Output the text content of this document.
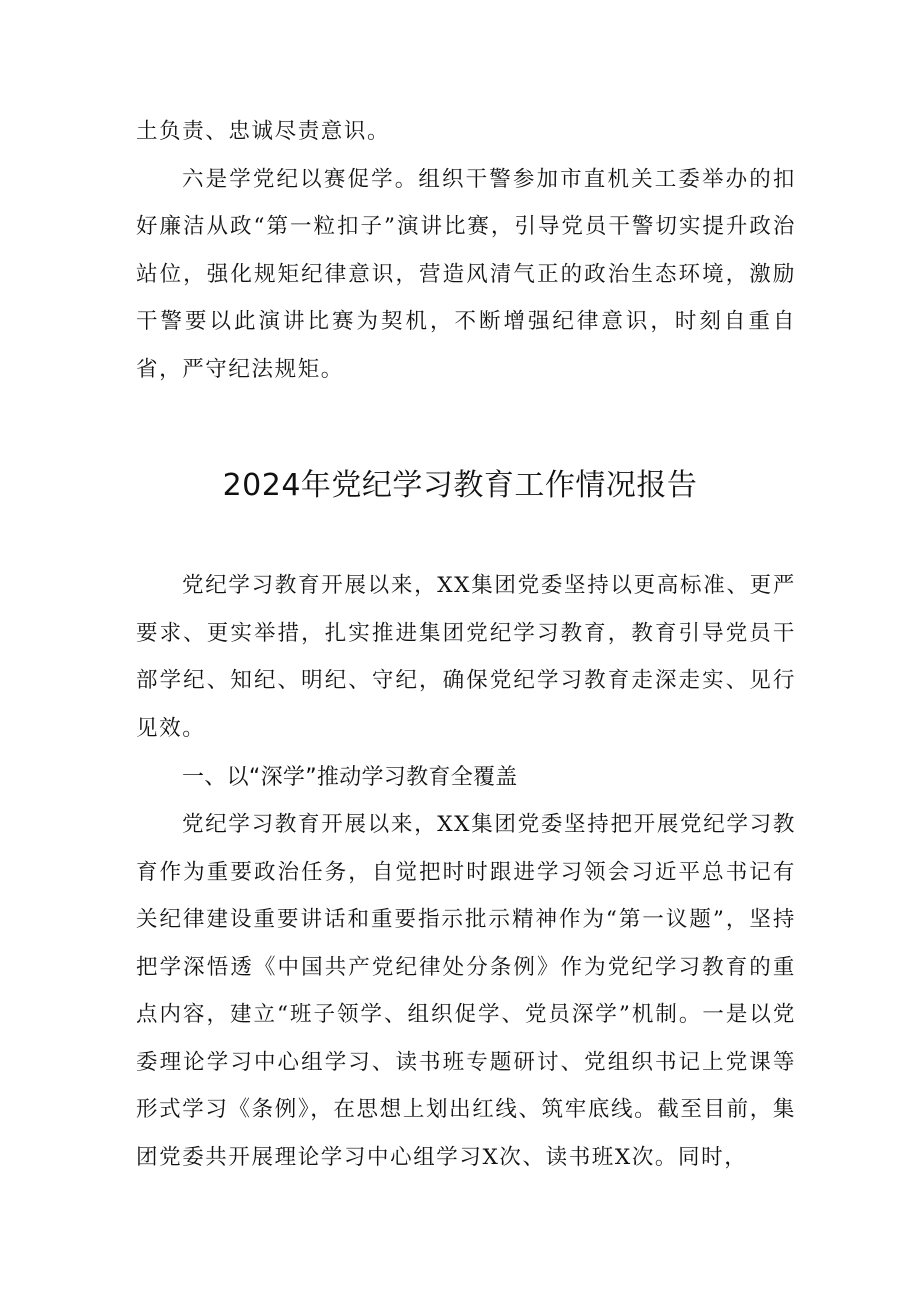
土负责、忠诚尽责意识。

六是学党纪以赛促学。组织干警参加市直机关工委举办的扣好廉洁从政“第一粒扣子”演讲比赛，引导党员干警切实提升政治站位，强化规矩纪律意识，营造风清气正的政治生态环境，激励干警要以此演讲比赛为契机，不断增强纪律意识，时刻自重自省，严守纪法规矩。

2024年党纪学习教育工作情况报告

党纪学习教育开展以来，XX集团党委坚持以更高标准、更严要求、更实举措，扎实推进集团党纪学习教育，教育引导党员干部学纪、知纪、明纪、守纪，确保党纪学习教育走深走实、见行见效。

一、以“深学”推动学习教育全覆盖

党纪学习教育开展以来，XX集团党委坚持把开展党纪学习教育作为重要政治任务，自觉把时时跟进学习领会习近平总书记有关纪律建设重要讲话和重要指示批示精神作为“第一议题”，坚持把学深悟透《中国共产党纪律处分条例》作为党纪学习教育的重点内容，建立“班子领学、组织促学、党员深学”机制。一是以党委理论学习中心组学习、读书班专题研讨、党组织书记上党课等形式学习《条例》，在思想上划出红线、筑牢底线。截至目前，集团党委共开展理论学习中心组学习X次、读书班X次。同时，
